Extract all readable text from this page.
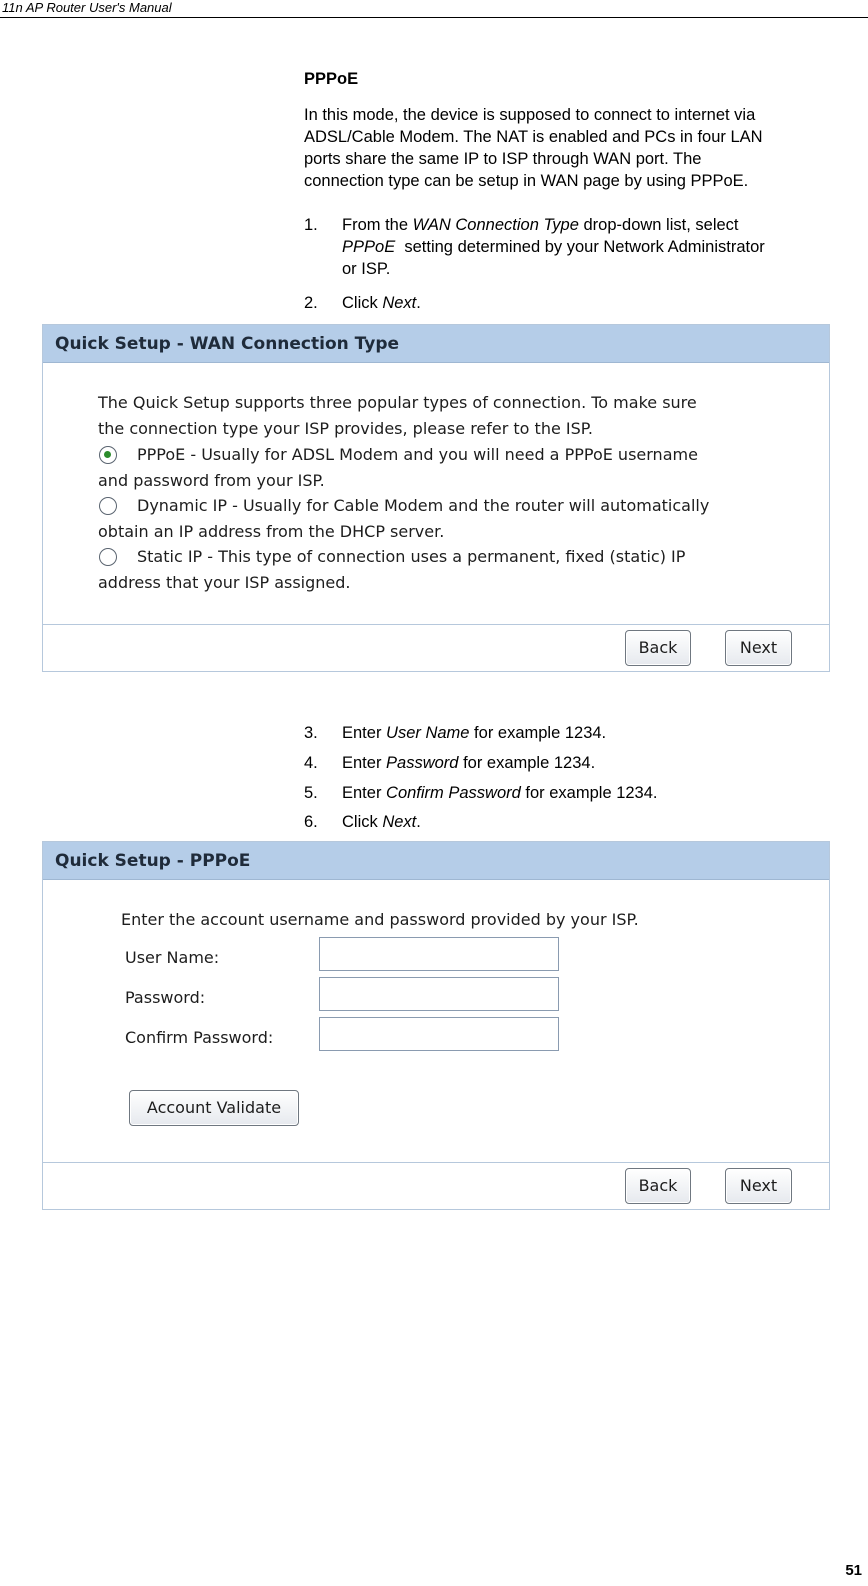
11n AP Router User's Manual
PPPoE
In this mode, the device is supposed to connect to internet via
ADSL/Cable Modem. The NAT is enabled and PCs in four LAN
ports share the same IP to ISP through WAN port. The
connection type can be setup in WAN page by using PPPoE.
1. From the WAN Connection Type drop-down list, select
PPPoE  setting determined by your Network Administrator
or ISP.
2. Click Next.
Quick Setup - WAN Connection Type
The Quick Setup supports three popular types of connection. To make sure
the connection type your ISP provides, please refer to the ISP.
PPPoE - Usually for ADSL Modem and you will need a PPPoE username
and password from your ISP.
Dynamic IP - Usually for Cable Modem and the router will automatically
obtain an IP address from the DHCP server.
Static IP - This type of connection uses a permanent, fixed (static) IP
address that your ISP assigned.
Back	Next
3. Enter User Name for example 1234.
4. Enter Password for example 1234.
5. Enter Confirm Password for example 1234.
6. Click Next.
Quick Setup - PPPoE
Enter the account username and password provided by your ISP.
User Name:
Password:
Confirm Password:
Account Validate
Back	Next
51
